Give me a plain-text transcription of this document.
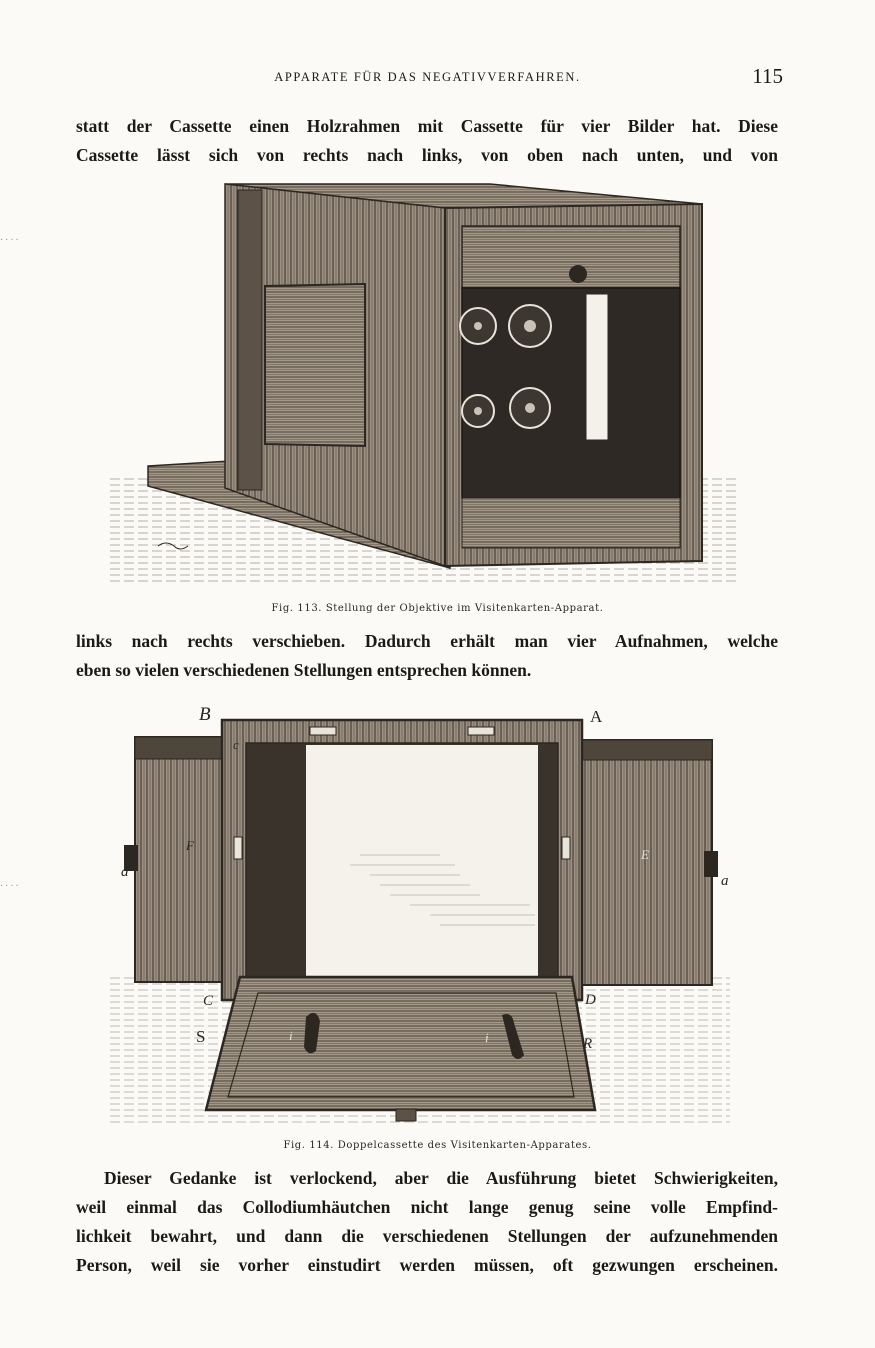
APPARATE FÜR DAS NEGATIVVERFAHREN.	115
statt der Cassette einen Holzrahmen mit Cassette für vier Bilder hat. Diese
Cassette lässt sich von rechts nach links, von oben nach unten, und von
....
....
Fig. 113. Stellung der Objektive im Visitenkarten-Apparat.
links nach rechts verschieben. Dadurch erhält man vier Aufnahmen, welche
eben so vielen verschiedenen Stellungen entsprechen können.
B	A
c
F
E
a
a
C	D
S	R
i	i
Fig. 114. Doppelcassette des Visitenkarten-Apparates.
Dieser Gedanke ist verlockend, aber die Ausführung bietet Schwierigkeiten,
weil einmal das Collodiumhäutchen nicht lange genug seine volle Empfind-
lichkeit bewahrt, und dann die verschiedenen Stellungen der aufzunehmenden
Person, weil sie vorher einstudirt werden müssen, oft gezwungen erscheinen.
